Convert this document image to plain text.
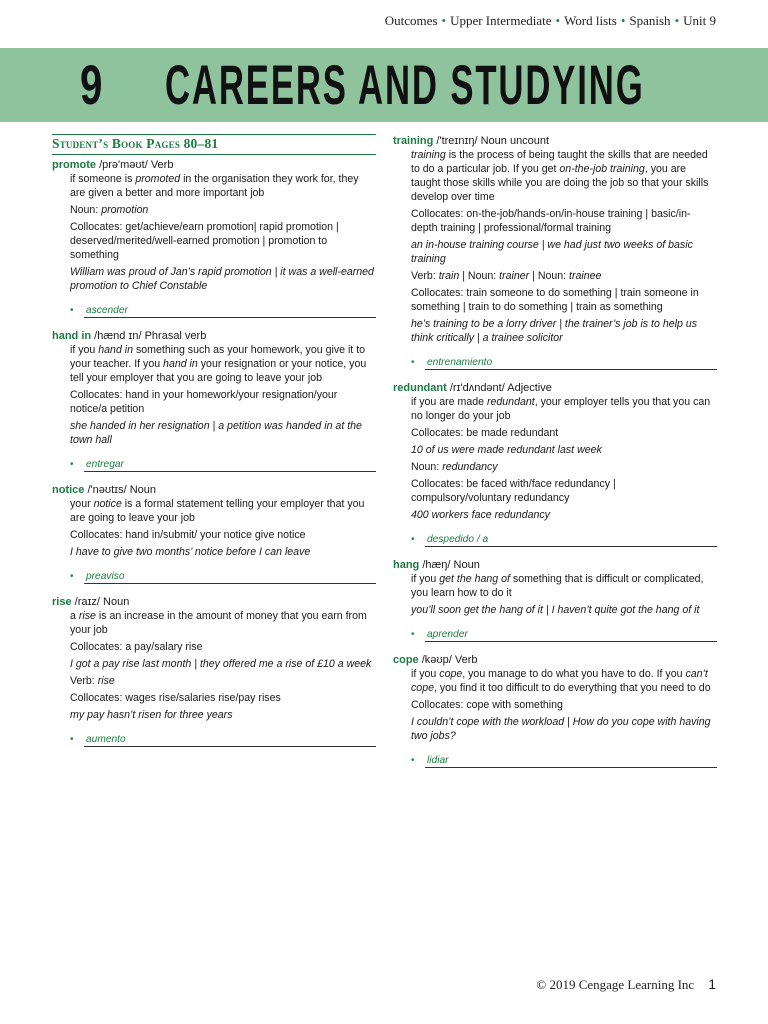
Outcomes • Upper Intermediate • Word lists • Spanish • Unit 9
9 CAREERS AND STUDYING
Student’s Book Pages 80–81
promote /prə'məʊt/ Verb

if someone is promoted in the organisation they work for, they are given a better and more important job

Noun: promotion

Collocates: get/achieve/earn promotion| rapid promotion | deserved/merited/well-earned promotion | promotion to something

William was proud of Jan’s rapid promotion | it was a well-earned promotion to Chief Constable

• ascender
hand in /hænd ɪn/ Phrasal verb

if you hand in something such as your homework, you give it to your teacher. If you hand in your resignation or your notice, you tell your employer that you are going to leave your job

Collocates: hand in your homework/your resignation/your notice/a petition

she handed in her resignation | a petition was handed in at the town hall

• entregar
notice /'nəʊtɪs/ Noun

your notice is a formal statement telling your employer that you are going to leave your job

Collocates: hand in/submit/ your notice give notice

I have to give two months’ notice before I can leave

• preaviso
rise /raɪz/ Noun

a rise is an increase in the amount of money that you earn from your job

Collocates: a pay/salary rise

I got a pay rise last month | they offered me a rise of £10 a week

Verb: rise

Collocates: wages rise/salaries rise/pay rises

my pay hasn’t risen for three years

• aumento
training /'treɪnɪŋ/ Noun uncount

training is the process of being taught the skills that are needed to do a particular job. If you get on-the-job training, you are taught those skills while you are doing the job so that your skills develop over time

Collocates: on-the-job/hands-on/in-house training | basic/in-depth training | professional/formal training

an in-house training course | we had just two weeks of basic training

Verb: train | Noun: trainer | Noun: trainee

Collocates: train someone to do something | train someone in something | train to do something | train as something

he’s training to be a lorry driver | the trainer’s job is to help us think critically | a trainee solicitor

• entrenamiento
redundant /rɪ'dʌndənt/ Adjective

if you are made redundant, your employer tells you that you can no longer do your job

Collocates: be made redundant

10 of us were made redundant last week

Noun: redundancy

Collocates: be faced with/face redundancy | compulsory/voluntary redundancy

400 workers face redundancy

• despedido / a
hang /hæŋ/ Noun

if you get the hang of something that is difficult or complicated, you learn how to do it

you’ll soon get the hang of it | I haven’t quite got the hang of it

• aprender
cope /kəʊp/ Verb

if you cope, you manage to do what you have to do. If you can’t cope, you find it too difficult to do everything that you need to do

Collocates: cope with something

I couldn’t cope with the workload | How do you cope with having two jobs?

• lidiar
© 2019 Cengage Learning Inc 1
